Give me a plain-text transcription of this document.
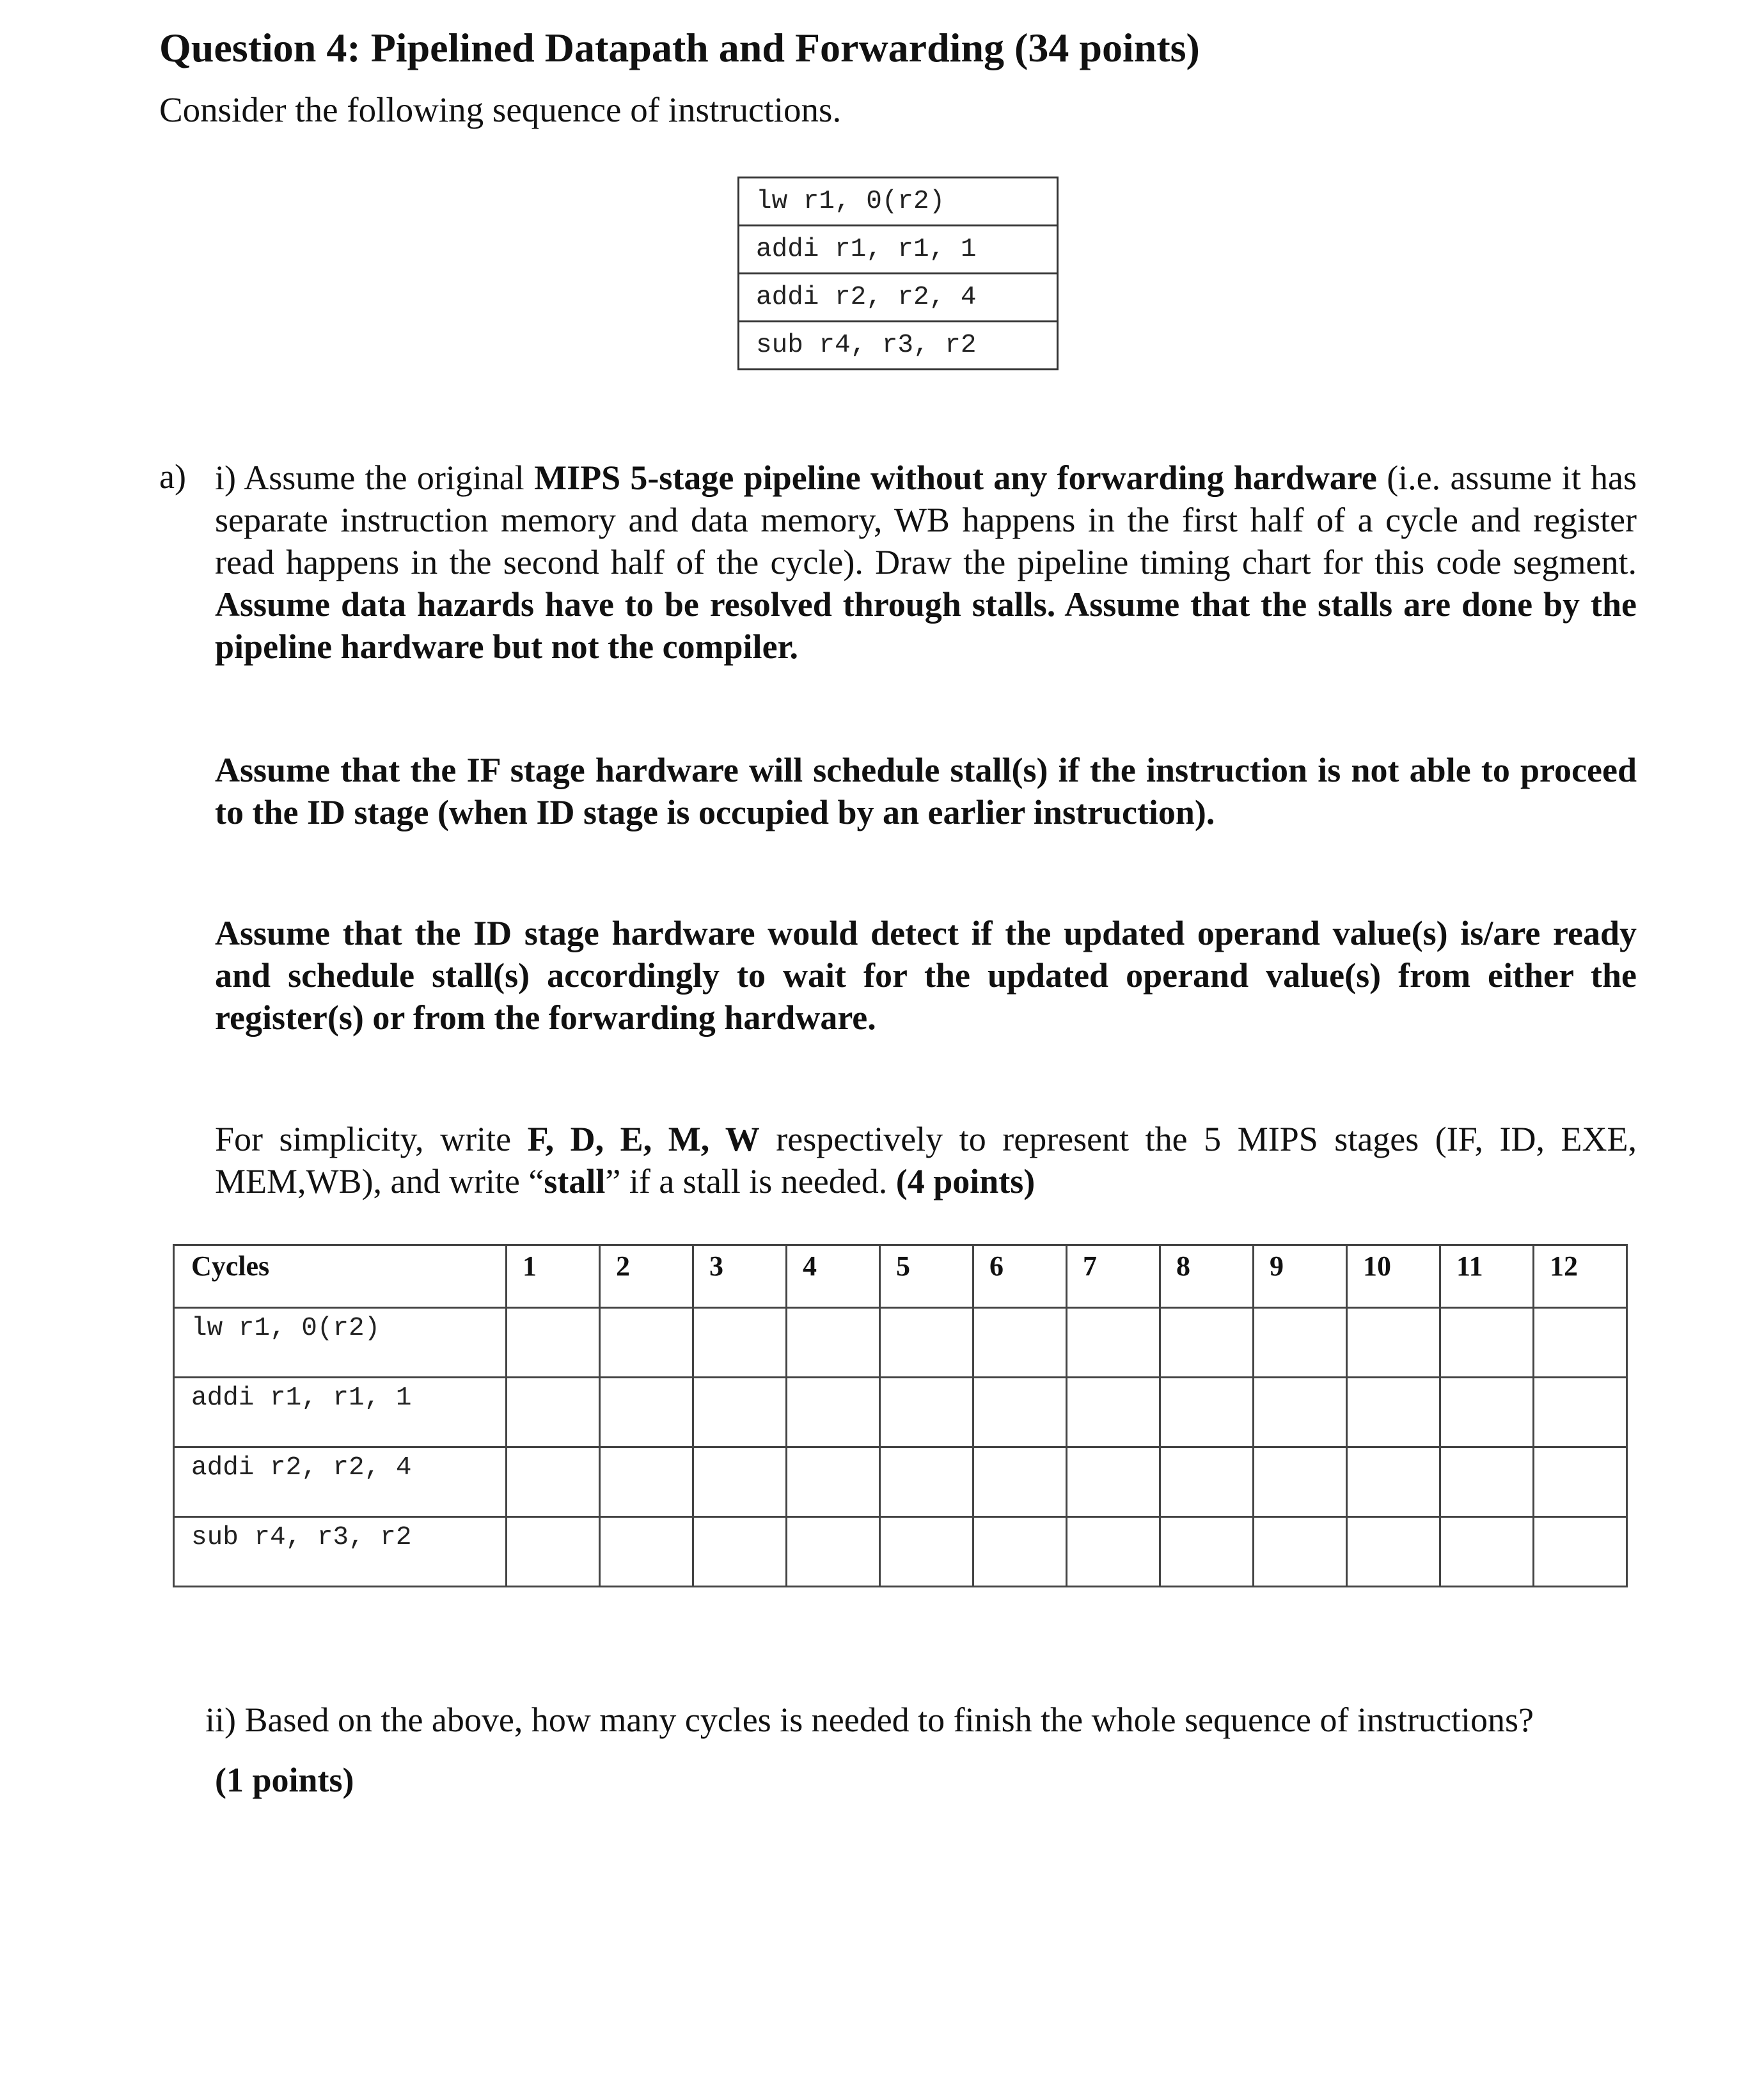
Question 4: Pipelined Datapath and Forwarding (34 points)
Consider the following sequence of instructions.
lw r1, 0(r2)
addi r1, r1, 1
addi r2, r2, 4
sub r4, r3, r2
a) i) Assume the original MIPS 5-stage pipeline without any forwarding hardware (i.e. assume it has separate instruction memory and data memory, WB happens in the first half of a cycle and register read happens in the second half of the cycle). Draw the pipeline timing chart for this code segment. Assume data hazards have to be resolved through stalls. Assume that the stalls are done by the pipeline hardware but not the compiler.
Assume that the IF stage hardware will schedule stall(s) if the instruction is not able to proceed to the ID stage (when ID stage is occupied by an earlier instruction).
Assume that the ID stage hardware would detect if the updated operand value(s) is/are ready and schedule stall(s) accordingly to wait for the updated operand value(s) from either the register(s) or from the forwarding hardware.
For simplicity, write F, D, E, M, W respectively to represent the 5 MIPS stages (IF, ID, EXE, MEM,WB), and write “stall” if a stall is needed. (4 points)
Cycles	1	2	3	4	5	6	7	8	9	10	11	12
lw r1, 0(r2)												
addi r1, r1, 1												
addi r2, r2, 4												
sub r4, r3, r2												
ii) Based on the above, how many cycles is needed to finish the whole sequence of instructions?
(1 points)
